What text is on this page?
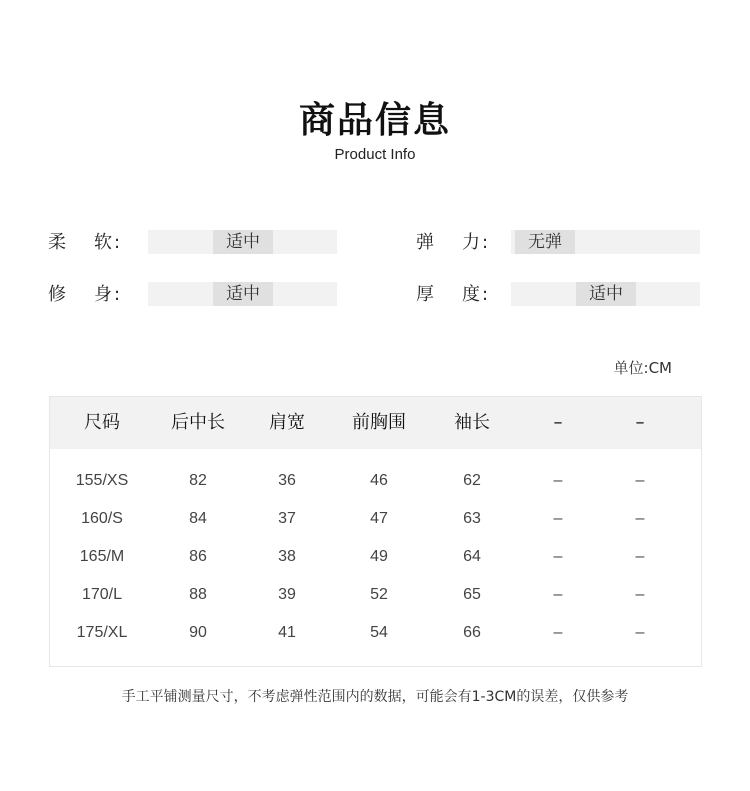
商品信息
Product Info
柔 软 :	适中	弹 力 :	无弹
修 身 :	适中	厚 度 :	适中
单位:CM
尺码	后中长	肩宽	前胸围	袖长	–	–
155/XS	82	36	46	62	–	–
160/S	84	37	47	63	–	–
165/M	86	38	49	64	–	–
170/L	88	39	52	65	–	–
175/XL	90	41	54	66	–	–
手工平铺测量尺寸，不考虑弹性范围内的数据，可能会有1-3CM的误差，仅供参考
